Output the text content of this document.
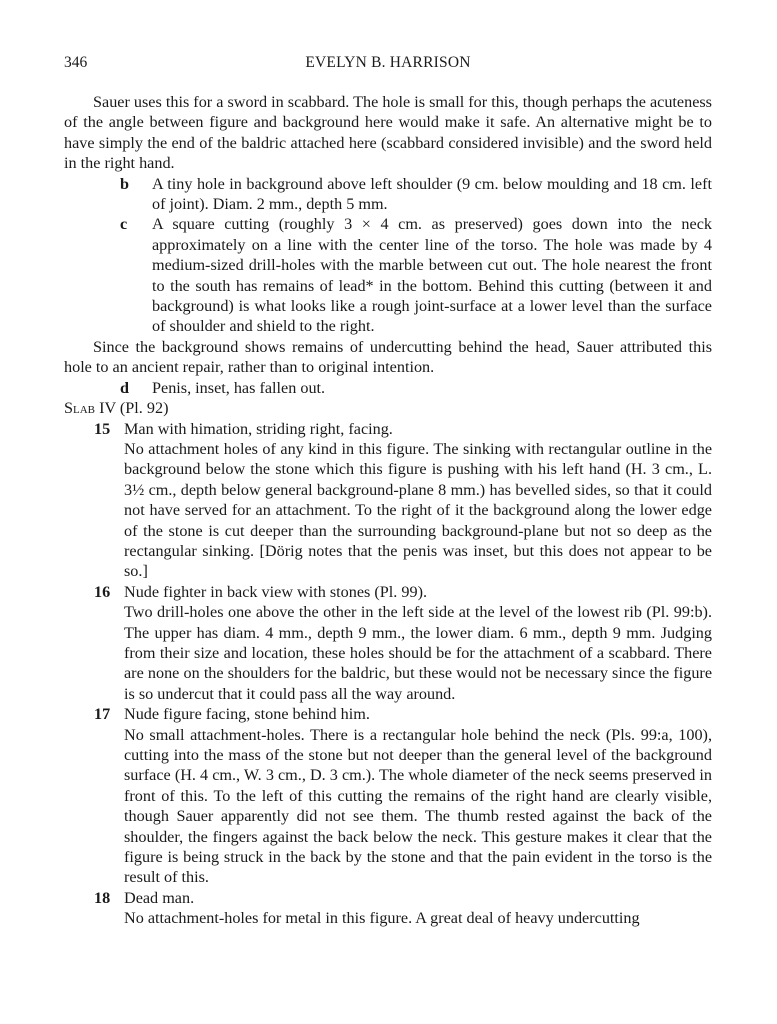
346	EVELYN B. HARRISON

Sauer uses this for a sword in scabbard. The hole is small for this, though perhaps the acuteness of the angle between figure and background here would make it safe. An alternative might be to have simply the end of the baldric attached here (scabbard considered invisible) and the sword held in the right hand.

b A tiny hole in background above left shoulder (9 cm. below moulding and 18 cm. left of joint). Diam. 2 mm., depth 5 mm.

c A square cutting (roughly 3 × 4 cm. as preserved) goes down into the neck approximately on a line with the center line of the torso. The hole was made by 4 medium-sized drill-holes with the marble between cut out. The hole nearest the front to the south has remains of lead* in the bottom. Behind this cutting (between it and background) is what looks like a rough joint-surface at a lower level than the surface of shoulder and shield to the right.

Since the background shows remains of undercutting behind the head, Sauer attributed this hole to an ancient repair, rather than to original intention.

d Penis, inset, has fallen out.

Slab IV (Pl. 92)

15 Man with himation, striding right, facing.

No attachment holes of any kind in this figure. The sinking with rectangular outline in the background below the stone which this figure is pushing with his left hand (H. 3 cm., L. 3½ cm., depth below general background-plane 8 mm.) has bevelled sides, so that it could not have served for an attachment. To the right of it the background along the lower edge of the stone is cut deeper than the surrounding background-plane but not so deep as the rectangular sinking. [Dörig notes that the penis was inset, but this does not appear to be so.]

16 Nude fighter in back view with stones (Pl. 99).

Two drill-holes one above the other in the left side at the level of the lowest rib (Pl. 99:b). The upper has diam. 4 mm., depth 9 mm., the lower diam. 6 mm., depth 9 mm. Judging from their size and location, these holes should be for the attachment of a scabbard. There are none on the shoulders for the baldric, but these would not be necessary since the figure is so undercut that it could pass all the way around.

17 Nude figure facing, stone behind him.

No small attachment-holes. There is a rectangular hole behind the neck (Pls. 99:a, 100), cutting into the mass of the stone but not deeper than the general level of the background surface (H. 4 cm., W. 3 cm., D. 3 cm.). The whole diameter of the neck seems preserved in front of this. To the left of this cutting the remains of the right hand are clearly visible, though Sauer apparently did not see them. The thumb rested against the back of the shoulder, the fingers against the back below the neck. This gesture makes it clear that the figure is being struck in the back by the stone and that the pain evident in the torso is the result of this.

18 Dead man.

No attachment-holes for metal in this figure. A great deal of heavy undercutting
